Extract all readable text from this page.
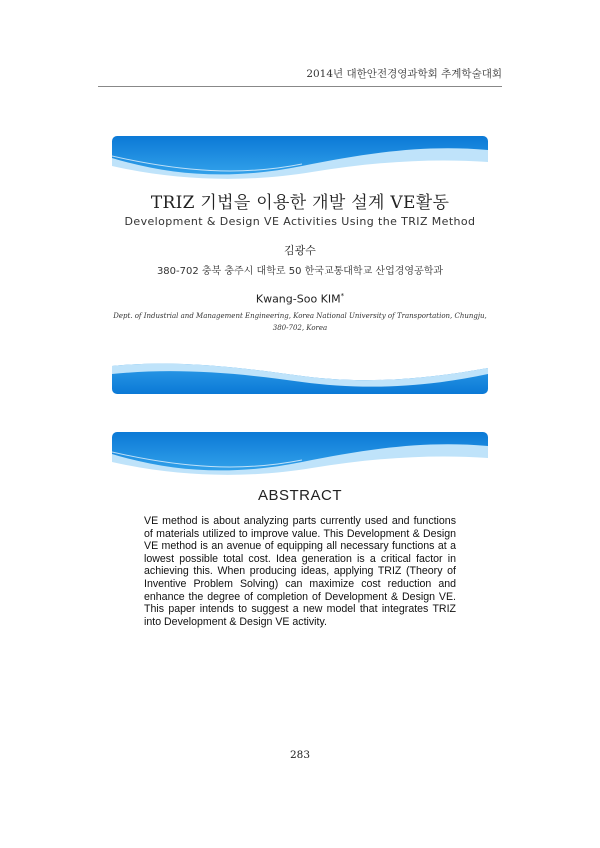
2014년 대한안전경영과학회 추계학술대회
TRIZ 기법을 이용한 개발 설계 VE활동
Development & Design VE Activities Using the TRIZ Method
김광수
380-702 충북 충주시 대학로 50 한국교통대학교 산업경영공학과
Kwang-Soo KIM*
Dept. of Industrial and Management Engineering, Korea National University of Transportation, Chungju,
380-702, Korea
ABSTRACT
VE method is about analyzing parts currently used and functions of materials utilized to improve value. This Development & Design VE method is an avenue of equipping all necessary functions at a lowest possible total cost. Idea generation is a critical factor in achieving this. When producing ideas, applying TRIZ (Theory of Inventive Problem Solving) can maximize cost reduction and enhance the degree of completion of Development & Design VE. This paper intends to suggest a new model that integrates TRIZ into Development & Design VE activity.
283
